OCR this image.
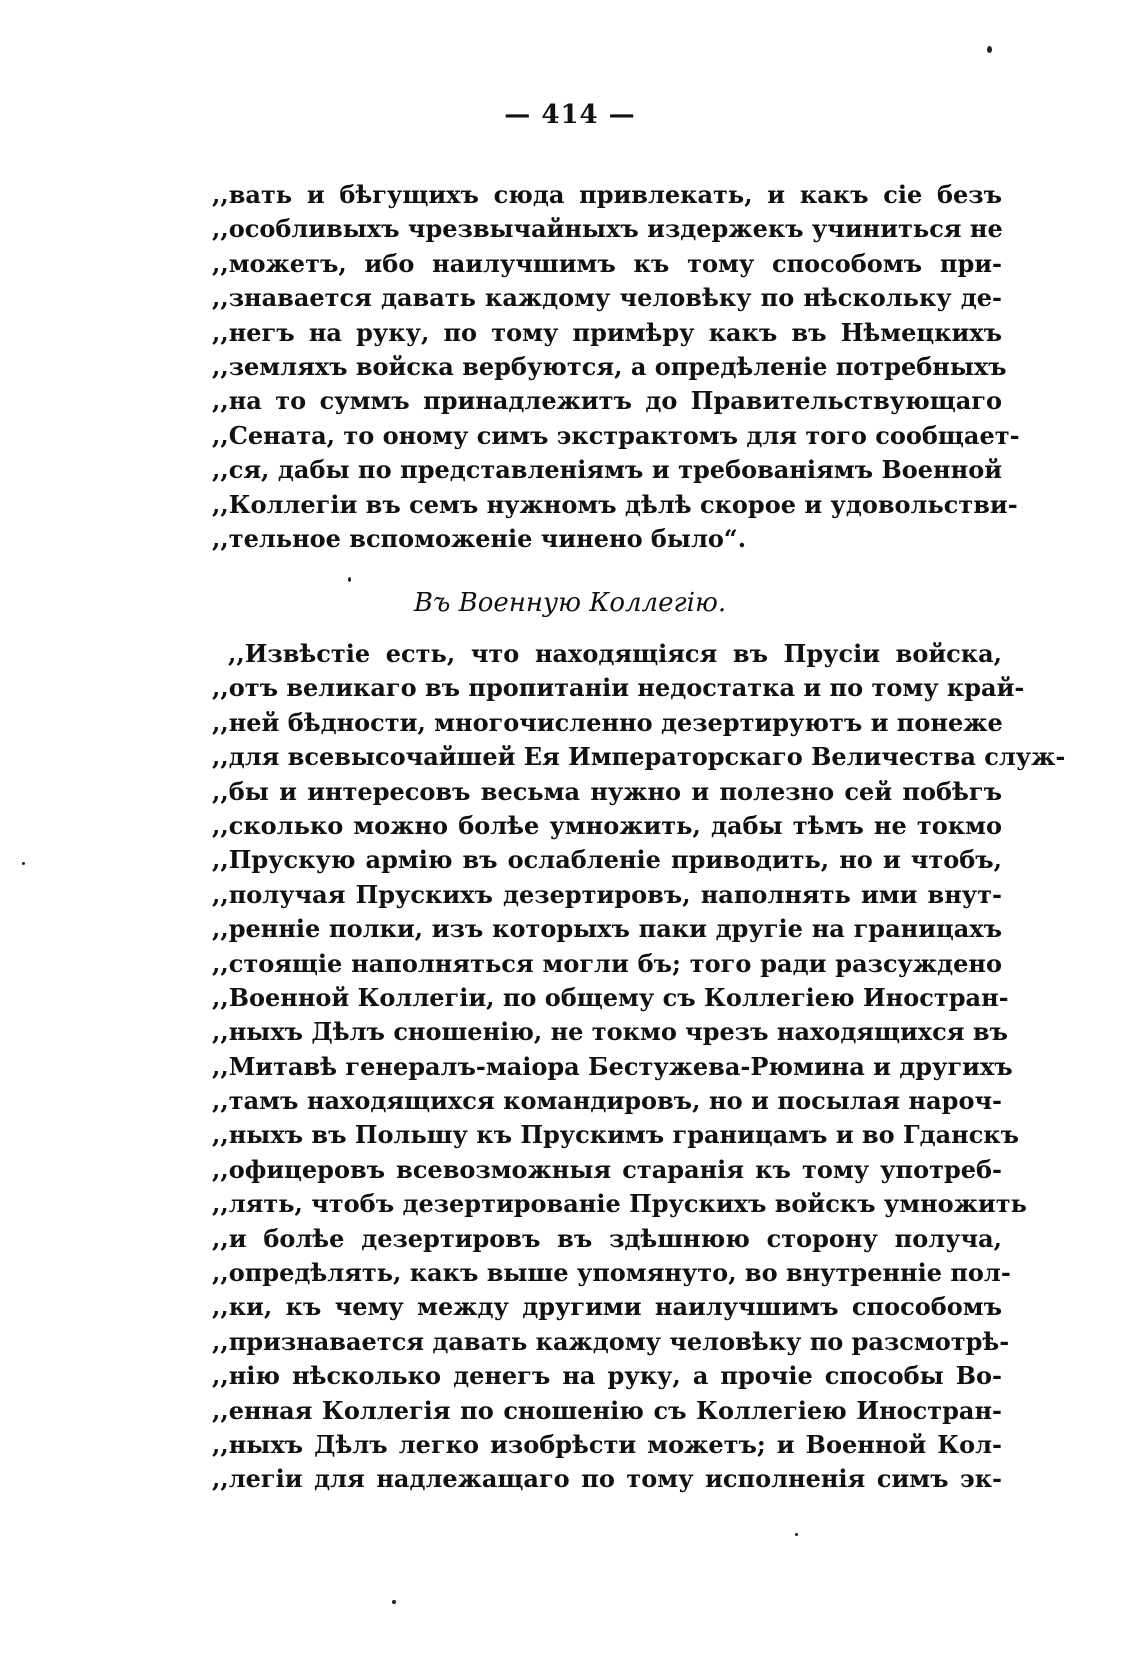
— 414 —
,,вать и бѣгущихъ сюда привлекать, и какъ сіе безъ
,,особливыхъ чрезвычайныхъ издержекъ учиниться не
,,можетъ, ибо наилучшимъ къ тому способомъ при-
,,знавается давать каждому человѣку по нѣскольку де-
,,негъ на руку, по тому примѣру какъ въ Нѣмецкихъ
,,земляхъ войска вербуются, а опредѣленіе потребныхъ
,,на то суммъ принадлежитъ до Правительствующаго
,,Сената, то оному симъ экстрактомъ для того сообщает-
,,ся, дабы по представленіямъ и требованіямъ Военной
,,Коллегіи въ семъ нужномъ дѣлѣ скорое и удовольстви-
,,тельное вспоможеніе чинено было“.
Въ Военную Коллегію.
,,Извѣстіе есть, что находящіяся въ Прусіи войска,
,,отъ великаго въ пропитаніи недостатка и по тому край-
,,ней бѣдности, многочисленно дезертируютъ и понеже
,,для всевысочайшей Ея Императорскаго Величества служ-
,,бы и интересовъ весьма нужно и полезно сей побѣгъ
,,сколько можно болѣе умножить, дабы тѣмъ не токмо
,,Прускую армію въ ослабленіе приводить, но и чтобъ,
,,получая Прускихъ дезертировъ, наполнять ими внут-
,,ренніе полки, изъ которыхъ паки другіе на границахъ
,,стоящіе наполняться могли бъ; того ради разсуждено
,,Военной Коллегіи, по общему съ Коллегіею Иностран-
,,ныхъ Дѣлъ сношенію, не токмо чрезъ находящихся въ
,,Митавѣ генералъ-маіора Бестужева-Рюмина и другихъ
,,тамъ находящихся командировъ, но и посылая нароч-
,,ныхъ въ Польшу къ Прускимъ границамъ и во Гданскъ
,,офицеровъ всевозможныя старанія къ тому употреб-
,,лять, чтобъ дезертированіе Прускихъ войскъ умножить
,,и болѣе дезертировъ въ здѣшнюю сторону получа,
,,опредѣлять, какъ выше упомянуто, во внутренніе пол-
,,ки, къ чему между другими наилучшимъ способомъ
,,признавается давать каждому человѣку по разсмотрѣ-
,,нію нѣсколько денегъ на руку, а прочіе способы Во-
,,енная Коллегія по сношенію съ Коллегіею Иностран-
,,ныхъ Дѣлъ легко изобрѣсти можетъ; и Военной Кол-
,,легіи для надлежащаго по тому исполненія симъ эк-
